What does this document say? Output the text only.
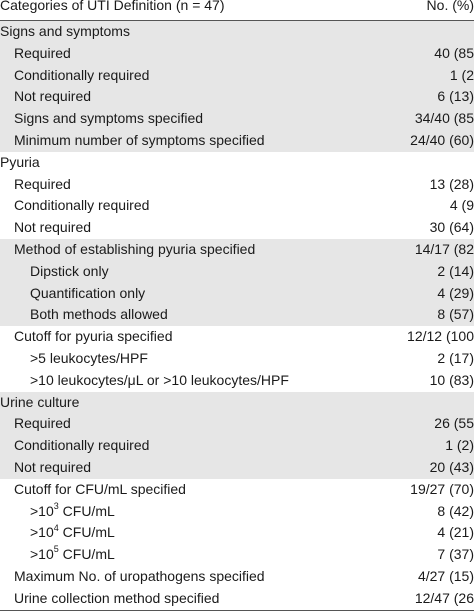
Categories of UTI Definition (n = 47)	No. (%)
Signs and symptoms
Required	40 (85
Conditionally required	1 (2
Not required	6 (13)
Signs and symptoms specified	34/40 (85
Minimum number of symptoms specified	24/40 (60)
Pyuria
Required	13 (28)
Conditionally required	4 (9
Not required	30 (64)
Method of establishing pyuria specified	14/17 (82
Dipstick only	2 (14)
Quantification only	4 (29)
Both methods allowed	8 (57)
Cutoff for pyuria specified	12/12 (100
>5 leukocytes/HPF	2 (17)
>10 leukocytes/μL or >10 leukocytes/HPF	10 (83)
Urine culture
Required	26 (55
Conditionally required	1 (2)
Not required	20 (43)
Cutoff for CFU/mL specified	19/27 (70)
$>10^3$ CFU/mL	8 (42)
$>10^4$ CFU/mL	4 (21)
$>10^5$ CFU/mL	7 (37)
Maximum No. of uropathogens specified	4/27 (15)
Urine collection method specified	12/47 (26
